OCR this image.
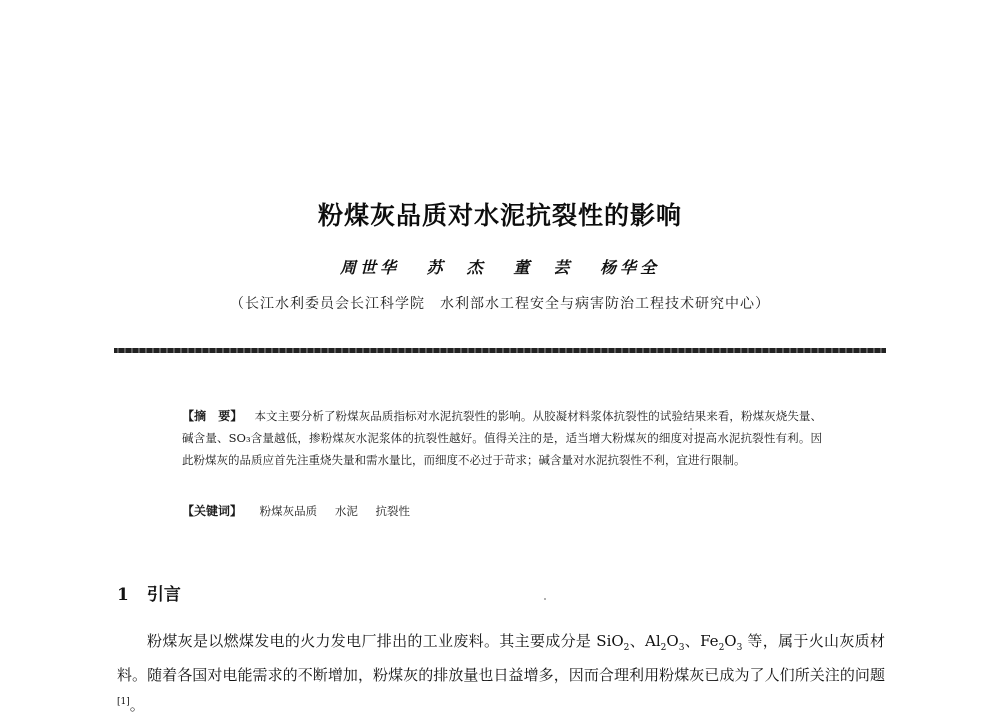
粉煤灰品质对水泥抗裂性的影响
周世华 苏　杰 董　芸 杨华全
（长江水利委员会长江科学院　水利部水工程安全与病害防治工程技术研究中心）
【摘　要】 本文主要分析了粉煤灰品质指标对水泥抗裂性的影响。从胶凝材料浆体抗裂性的试验结果来看，粉煤灰烧失量、碱含量、SO₃含量越低，掺粉煤灰水泥浆体的抗裂性越好。值得关注的是，适当增大粉煤灰的细度对提高水泥抗裂性有利。因此粉煤灰的品质应首先注重烧失量和需水量比，而细度不必过于苛求；碱含量对水泥抗裂性不利，宜进行限制。
【关键词】 粉煤灰品质 水泥 抗裂性
1 引言
粉煤灰是以燃煤发电的火力发电厂排出的工业废料。其主要成分是 SiO$_2$、$Al_2O_3$、$Fe_2O_3$ 等，属于火山灰质材料。随着各国对电能需求的不断增加，粉煤灰的排放量也日益增多，因而合理利用粉煤灰已成为了人们所关注的问题[1]。
